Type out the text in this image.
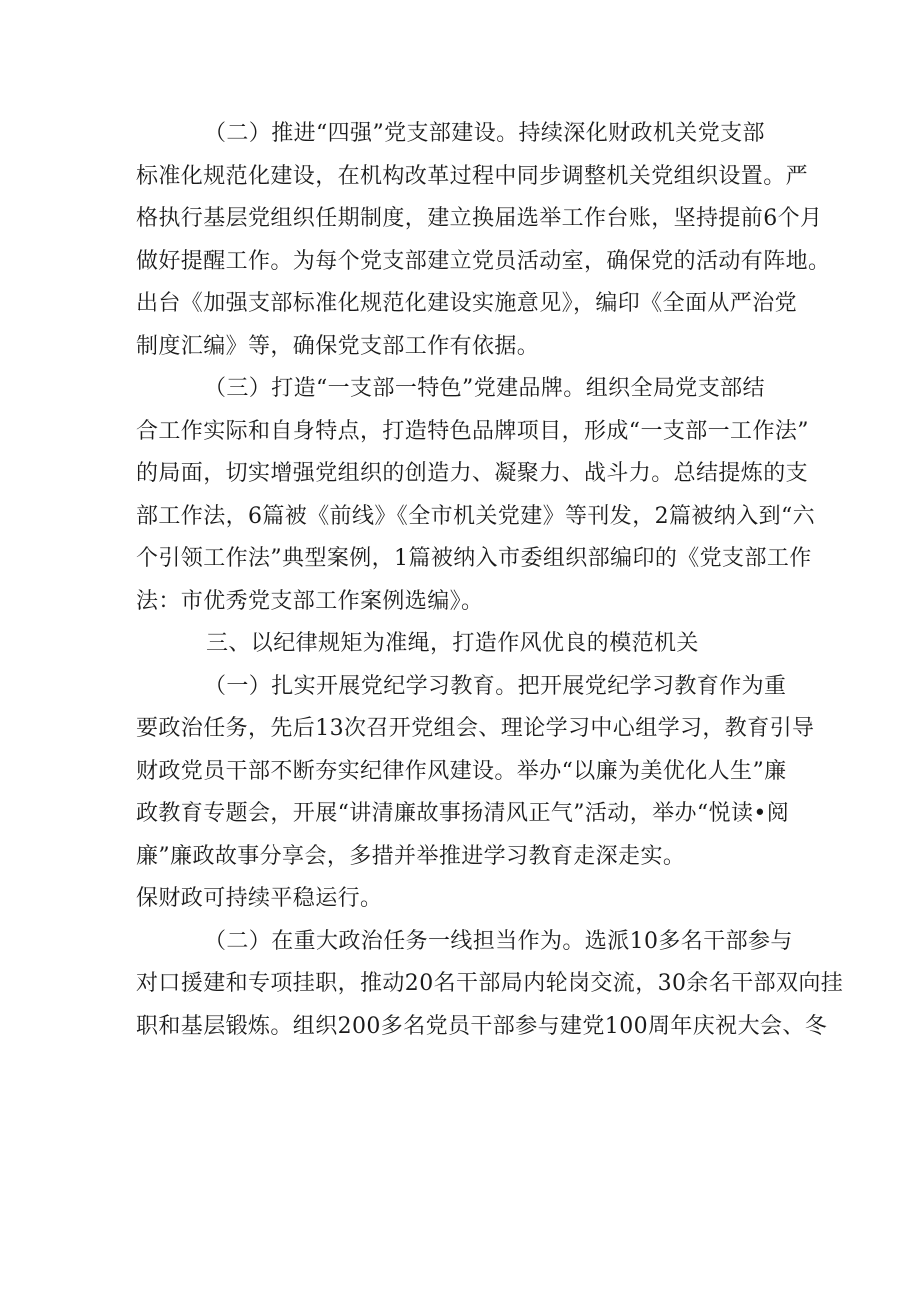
（二）推进“四强”党支部建设。持续深化财政机关党支部
标准化规范化建设，在机构改革过程中同步调整机关党组织设置。严
格执行基层党组织任期制度，建立换届选举工作台账，坚持提前6个月
做好提醒工作。为每个党支部建立党员活动室，确保党的活动有阵地。
出台《加强支部标准化规范化建设实施意见》，编印《全面从严治党
制度汇编》等，确保党支部工作有依据。
（三）打造“一支部一特色”党建品牌。组织全局党支部结
合工作实际和自身特点，打造特色品牌项目，形成“一支部一工作法”
的局面，切实增强党组织的创造力、凝聚力、战斗力。总结提炼的支
部工作法，6篇被《前线》《全市机关党建》等刊发，2篇被纳入到“六
个引领工作法”典型案例，1篇被纳入市委组织部编印的《党支部工作
法：市优秀党支部工作案例选编》。
三、以纪律规矩为准绳，打造作风优良的模范机关
（一）扎实开展党纪学习教育。把开展党纪学习教育作为重
要政治任务，先后13次召开党组会、理论学习中心组学习，教育引导
财政党员干部不断夯实纪律作风建设。举办“以廉为美优化人生”廉
政教育专题会，开展“讲清廉故事扬清风正气”活动，举办“悦读•阅
廉”廉政故事分享会，多措并举推进学习教育走深走实。
保财政可持续平稳运行。
（二）在重大政治任务一线担当作为。选派10多名干部参与
对口援建和专项挂职，推动20名干部局内轮岗交流，30余名干部双向挂
职和基层锻炼。组织200多名党员干部参与建党100周年庆祝大会、冬
